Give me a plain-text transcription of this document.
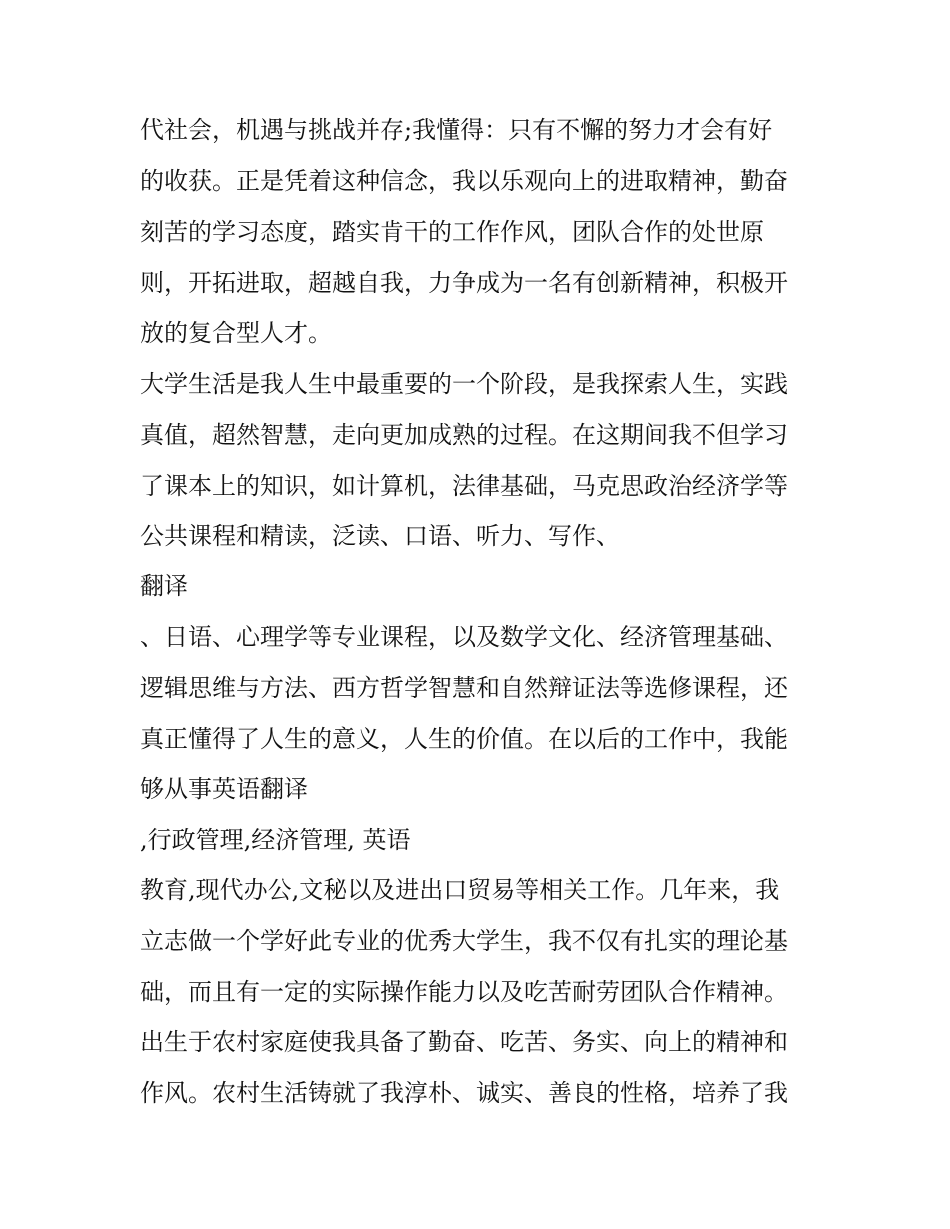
代社会，机遇与挑战并存;我懂得：只有不懈的努力才会有好

的收获。正是凭着这种信念，我以乐观向上的进取精神，勤奋

刻苦的学习态度，踏实肯干的工作作风，团队合作的处世原

则，开拓进取，超越自我，力争成为一名有创新精神，积极开

放的复合型人才。

大学生活是我人生中最重要的一个阶段，是我探索人生，实践

真值，超然智慧，走向更加成熟的过程。在这期间我不但学习

了课本上的知识，如计算机，法律基础，马克思政治经济学等

公共课程和精读，泛读、口语、听力、写作、

翻译

、日语、心理学等专业课程，以及数学文化、经济管理基础、

逻辑思维与方法、西方哲学智慧和自然辩证法等选修课程，还

真正懂得了人生的意义，人生的价值。在以后的工作中，我能

够从事英语翻译

,行政管理,经济管理, 英语

教育,现代办公,文秘以及进出口贸易等相关工作。几年来，我

立志做一个学好此专业的优秀大学生，我不仅有扎实的理论基

础，而且有一定的实际操作能力以及吃苦耐劳团队合作精神。

出生于农村家庭使我具备了勤奋、吃苦、务实、向上的精神和

作风。农村生活铸就了我淳朴、诚实、善良的性格，培养了我
